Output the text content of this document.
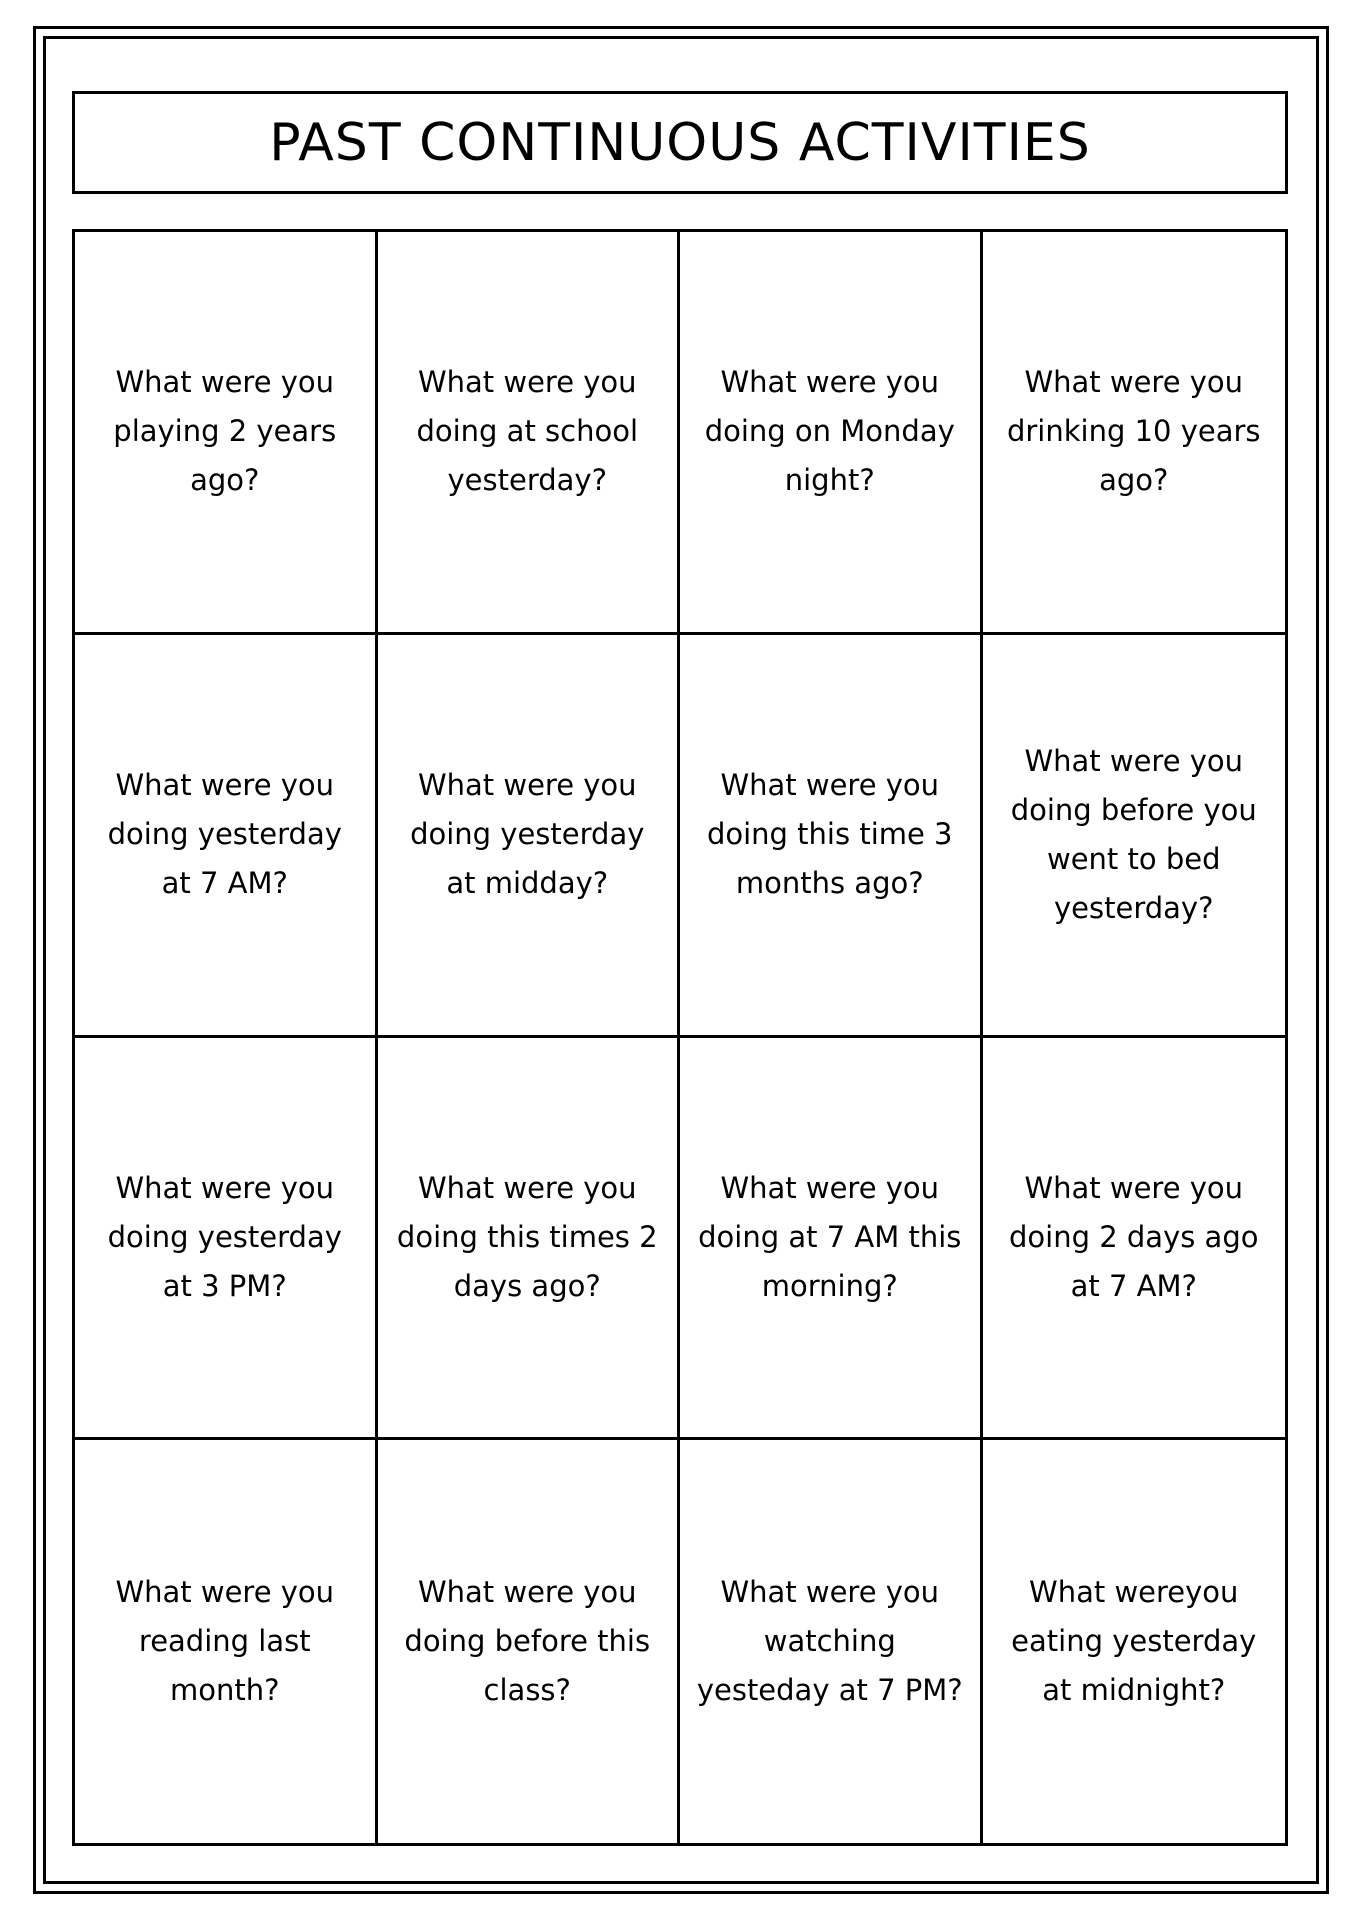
PAST CONTINUOUS ACTIVITIES
What were you playing 2 years ago?
What were you doing at school yesterday?
What were you doing on Monday night?
What were you drinking 10 years ago?
What were you doing yesterday at 7 AM?
What were you doing yesterday at midday?
What were you doing this time 3 months ago?
What were you doing before you went to bed yesterday?
What were you doing yesterday at 3 PM?
What were you doing this times 2 days ago?
What were you doing at 7 AM this morning?
What were you doing 2 days ago at 7 AM?
What were you reading last month?
What were you doing before this class?
What were you watching yesteday at 7 PM?
What wereyou eating yesterday at midnight?
